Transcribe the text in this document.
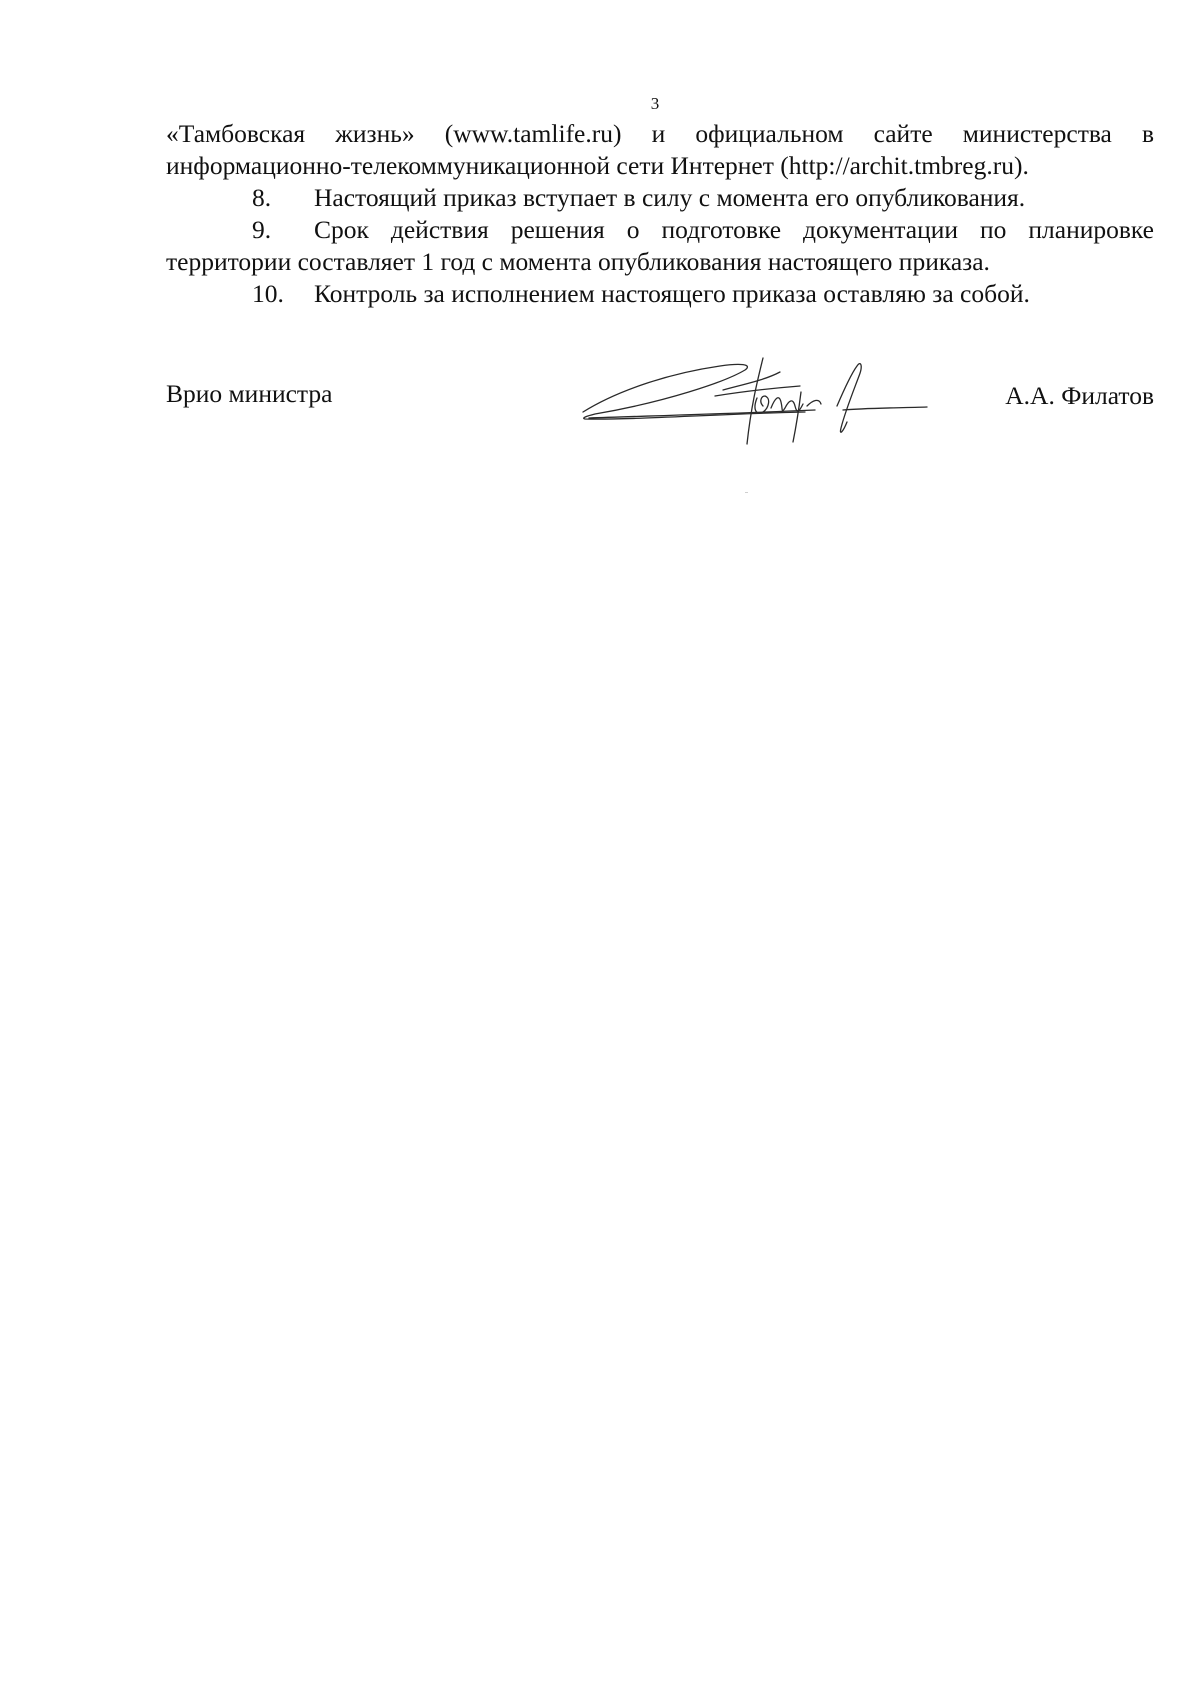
3

«Тамбовская жизнь» (www.tamlife.ru) и официальном сайте министерства в информационно-телекоммуникационной сети Интернет (http://archit.tmbreg.ru).

8. Настоящий приказ вступает в силу с момента его опубликования.

9. Срок действия решения о подготовке документации по планировке территории составляет 1 год с момента опубликования настоящего приказа.

10. Контроль за исполнением настоящего приказа оставляю за собой.

Врио министра	А.А. Филатов
